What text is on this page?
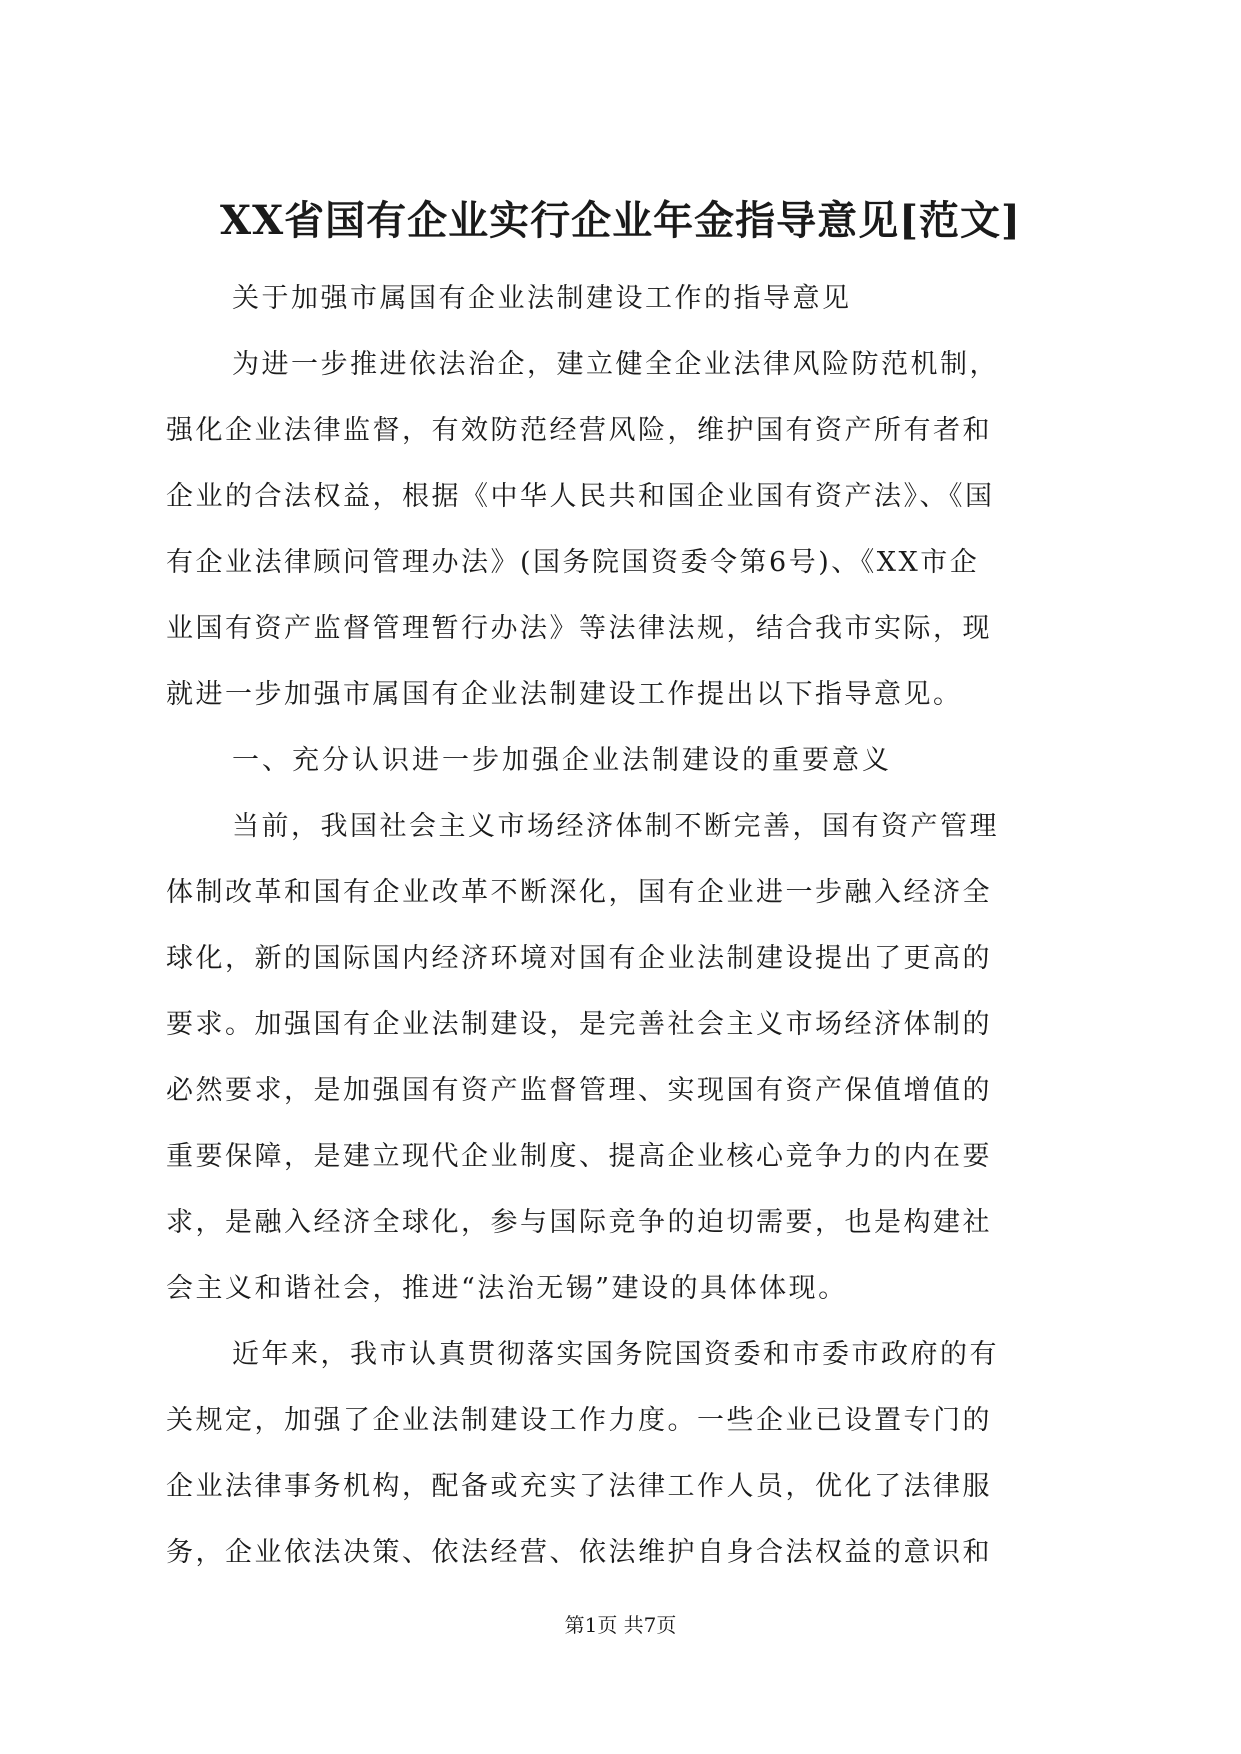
XX省国有企业实行企业年金指导意见[范文]

关于加强市属国有企业法制建设工作的指导意见

为进一步推进依法治企，建立健全企业法律风险防范机制，
强化企业法律监督，有效防范经营风险，维护国有资产所有者和
企业的合法权益，根据《中华人民共和国企业国有资产法》、《国
有企业法律顾问管理办法》(国务院国资委令第6号)、《XX市企
业国有资产监督管理暂行办法》等法律法规，结合我市实际，现
就进一步加强市属国有企业法制建设工作提出以下指导意见。

一、充分认识进一步加强企业法制建设的重要意义

当前，我国社会主义市场经济体制不断完善，国有资产管理
体制改革和国有企业改革不断深化，国有企业进一步融入经济全
球化，新的国际国内经济环境对国有企业法制建设提出了更高的
要求。加强国有企业法制建设，是完善社会主义市场经济体制的
必然要求，是加强国有资产监督管理、实现国有资产保值增值的
重要保障，是建立现代企业制度、提高企业核心竞争力的内在要
求，是融入经济全球化，参与国际竞争的迫切需要，也是构建社
会主义和谐社会，推进“法治无锡”建设的具体体现。

近年来，我市认真贯彻落实国务院国资委和市委市政府的有
关规定，加强了企业法制建设工作力度。一些企业已设置专门的
企业法律事务机构，配备或充实了法律工作人员，优化了法律服
务，企业依法决策、依法经营、依法维护自身合法权益的意识和

第1页 共7页
